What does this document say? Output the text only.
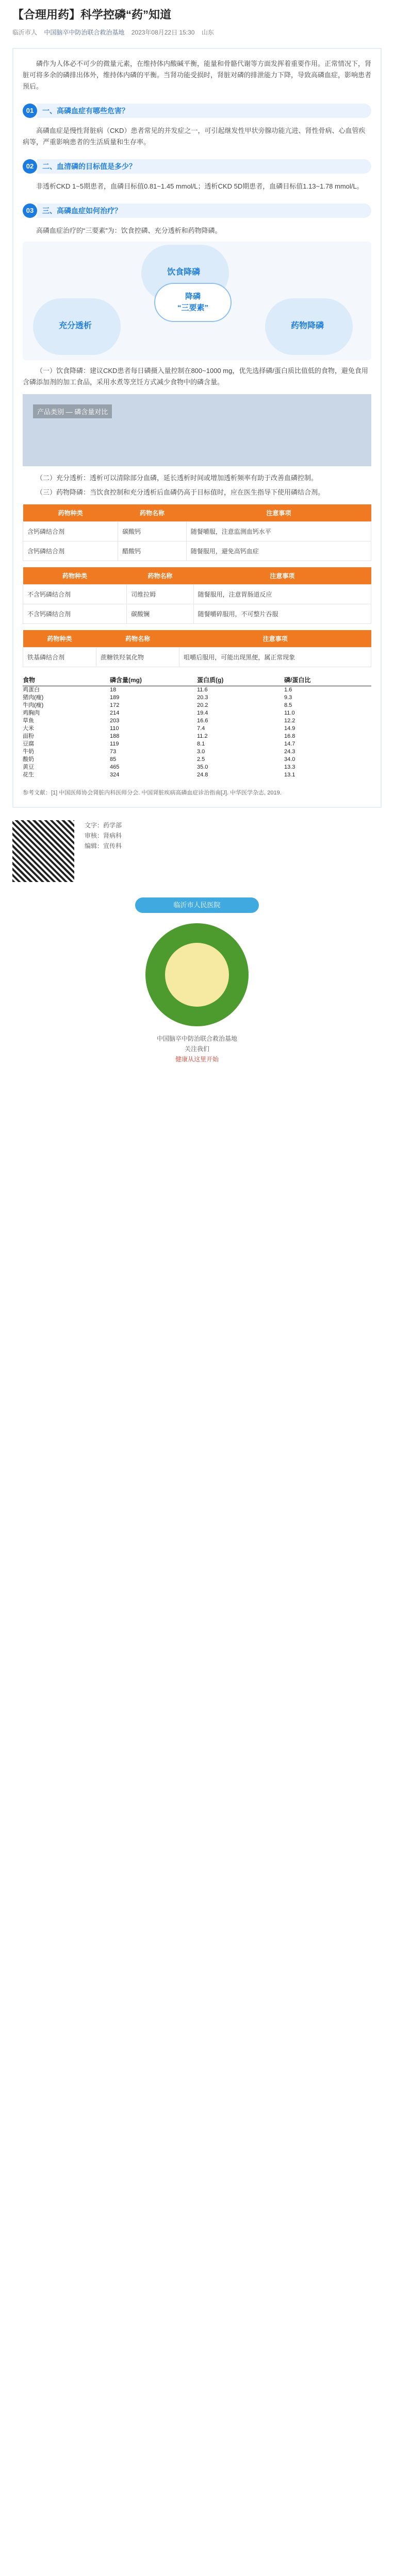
【合理用药】科学控磷“药”知道
临沂市人 中国脑卒中防治联合救治基地 2023年08月22日 15:30 山东

磷作为人体必不可少的微量元素，在维持体内酸碱平衡，能量和骨骼代谢等方面发挥着重要作用。正常情况下，肾脏可将多余的磷排出体外，维持体内磷的平衡。当肾功能受损时，肾脏对磷的排泄能力下降，导致高磷血症，影响患者预后。

01	一、高磷血症有哪些危害？

高磷血症是慢性肾脏病（CKD）患者常见的并发症之一，可引起继发性甲状旁腺功能亢进、肾性骨病、心血管疾病等，严重影响患者的生活质量和生存率。

02	二、血清磷的目标值是多少？

非透析CKD 1~5期患者，血磷目标值0.81~1.45 mmol/L；透析CKD 5D期患者，血磷目标值1.13~1.78 mmol/L。

03	三、高磷血症如何治疗？

高磷血症治疗的“三要素”为：饮食控磷、充分透析和药物降磷。

饮食降磷
充分透析	药物降磷
降磷
“三要素”

（一）饮食降磷：建议CKD患者每日磷摄入量控制在800~1000 mg，优先选择磷/蛋白质比值低的食物，避免食用含磷添加剂的加工食品，采用水煮等烹饪方式减少食物中的磷含量。

产品类别 — 磷含量对比

（二）充分透析：透析可以清除部分血磷，延长透析时间或增加透析频率有助于改善血磷控制。

（三）药物降磷：当饮食控制和充分透析后血磷仍高于目标值时，应在医生指导下使用磷结合剂。

药物种类	药物名称	注意事项
含钙磷结合剂	碳酸钙	随餐嚼服，注意监测血钙水平
含钙磷结合剂	醋酸钙	随餐服用，避免高钙血症
药物种类	药物名称	注意事项
不含钙磷结合剂	司维拉姆	随餐服用，注意胃肠道反应
不含钙磷结合剂	碳酸镧	随餐嚼碎服用，不可整片吞服
药物种类	药物名称	注意事项
铁基磷结合剂	蔗糖铁羟氧化物	咀嚼后服用，可能出现黑便，属正常现象
食物	磷含量(mg)	蛋白质(g)	磷/蛋白比
鸡蛋白	18	11.6	1.6
猪肉(瘦)	189	20.3	9.3
牛肉(瘦)	172	20.2	8.5
鸡胸肉	214	19.4	11.0
草鱼	203	16.6	12.2
大米	110	7.4	14.9
面粉	188	11.2	16.8
豆腐	119	8.1	14.7
牛奶	73	3.0	24.3
酸奶	85	2.5	34.0
黄豆	465	35.0	13.3
花生	324	24.8	13.1
参考文献：[1] 中国医师协会肾脏内科医师分会. 中国肾脏疾病高磷血症诊治指南[J]. 中华医学杂志, 2019.
文字：药学部
审核：肾病科
编辑：宣传科
临沂市人民医院
中国脑卒中防治联合救治基地
关注我们
健康从这里开始
